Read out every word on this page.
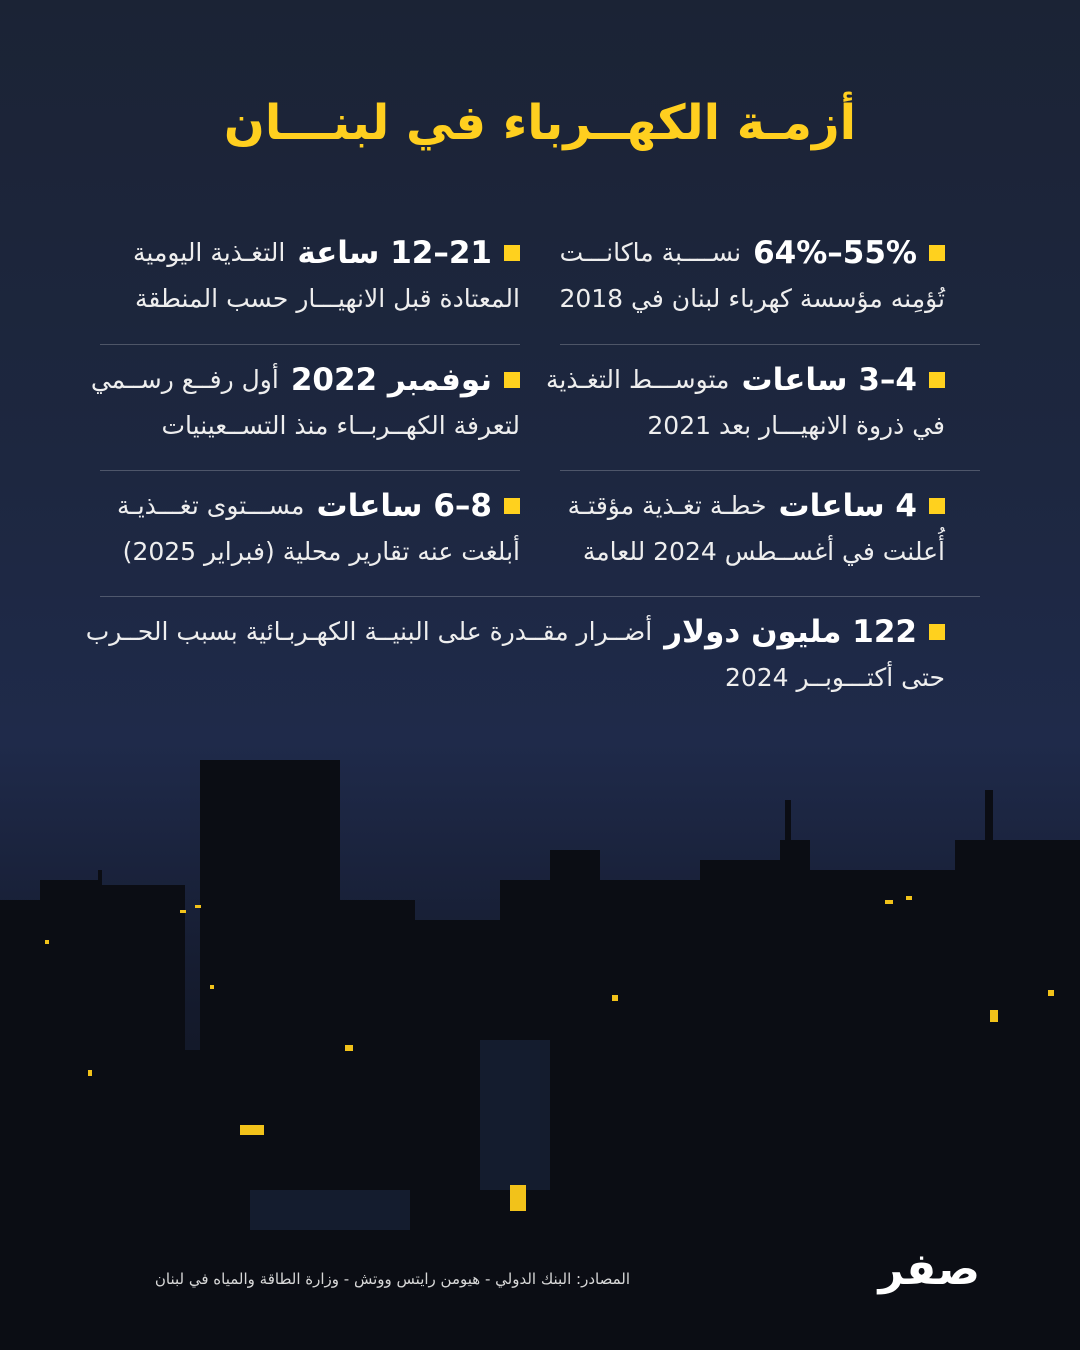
أزمـة الكهــرباء في لبنـــان
55%–64%
نســــبة ماكانـــت
تُؤمِنه مؤسسة كهرباء لبنان في 2018
21–12 ساعة
التغـذية اليومية
المعتادة قبل الانهيـــار حسب المنطقة
4–3 ساعات
متوســـط التغـذية
في ذروة الانهيـــار بعد 2021
نوفمبر 2022
أول رفــع رســمي
لتعرفة الكهــربــاء منذ التســعينيات
4 ساعات
خطـة تغـذية مؤقتـة
أُعلنت في أغســطس 2024 للعامة
8–6 ساعات
مســـتوى تغـــذيـة
أبلغت عنه تقارير محلية (فبراير 2025)
122 مليون دولار
أضــرار مقــدرة على البنيــة الكهـربـائية بسبب الحــرب
حتى أكتـــوبــر 2024
المصادر: البنك الدولي - هيومن رايتس ووتش - وزارة الطاقة والمياه في لبنان	صفر
